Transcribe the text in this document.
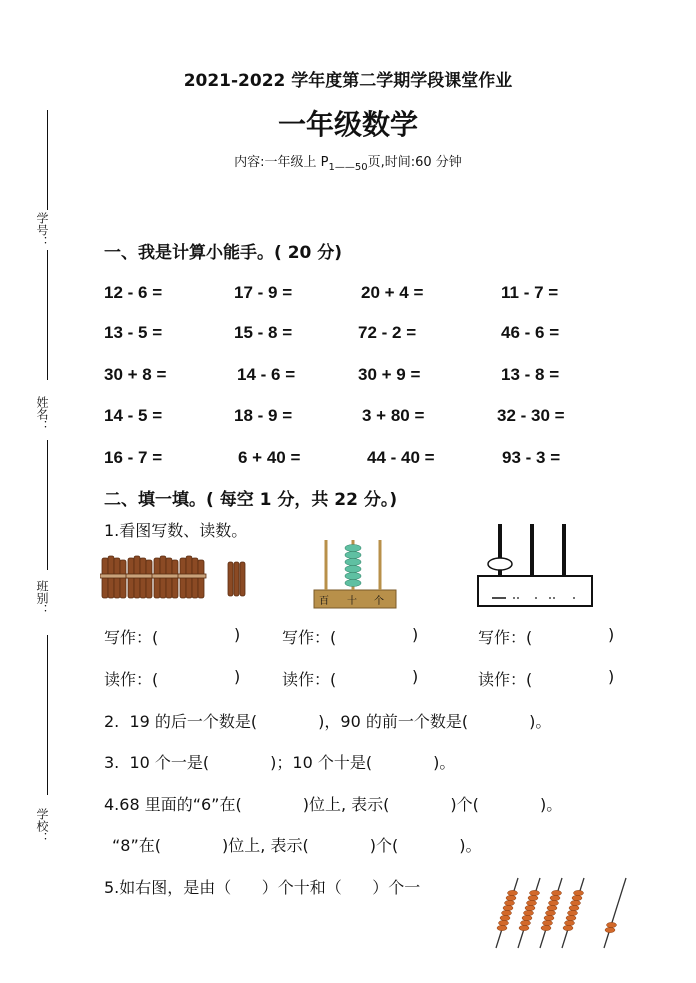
学号：
姓名：
班别：
学校：
2021-2022 学年度第二学期学段课堂作业
一年级数学
内容:一年级上 $P_{1——50}$页,时间:60 分钟
一、我是计算小能手。( 20 分)
12 - 6 =	17 - 9 =	20 + 4 =	11 - 7 =
13 - 5 =	15 - 8 =	72 - 2 =	46 - 6 =
30 + 8 =	14 - 6 =	30 + 9 =	13 - 8 =
14 - 5 =	18 - 9 =	3 + 80 =	32 - 30 =
16 - 7 =	6 + 40 =	44 - 40 =	93 - 3 =
二、填一填。( 每空 1 分，共 22 分。)
1.看图写数、读数。
百 十 个
写作：(	)	写作：(	)	写作：(	)
读作：(	)	读作：(	)	读作：(	)
2.  19 的后一个数是(            )，90 的前一个数是(            )。
3.  10 个一是(            )；10 个十是(            )。
4.68 里面的“6”在(            )位上, 表示(            )个(            )。
“8”在(            )位上, 表示(            )个(            )。
5.如右图，是由（      ）个十和（      ）个一
